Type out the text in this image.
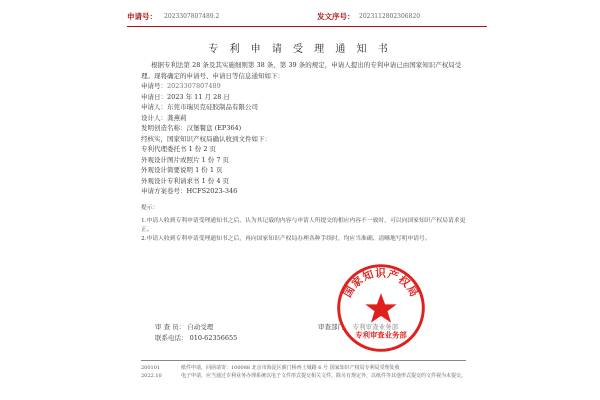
申请号： 2023307807489.2	发文序号： 2023112802306820
专 利 申 请 受 理 通 知 书
根据专利法第 28 条及其实施细则第 38 条、第 39 条的规定，申请人提出的专利申请已由国家知识产权局受理。现将确定的申请号、申请日等信息通知如下：
申请号：2023307807489
申请日：2023 年 11 月 28 日
申请人：东莞市瑞贝克硅胶制品有限公司
设计人：龚燕莉
发明创造名称：汉堡餐盘 (EP364)
经核实，国家知识产权局确认收到文件如下：
专利代理委托书 1 份 2 页
外观设计图片或照片 1 份 7 页
外观设计简要说明 1 份 1 页
外观设计专利请求书 1 份 4 页
申请方案卷号：HCFS2023-346
提示：
1.申请人收到专利申请受理通知书之后，认为其记载的内容与申请人所提交的相应内容不一致时，可以向国家知识产权局请求更正。
2.申请人收到专利申请受理通知书之后，再向国家知识产权局办理各种手续时，均应当准确、清晰地写明申请号。
审 查 员： 自动受理
联系电话： 010-62356655
审查部门： 专利审查业务部
国家知识产权局
专利审查业务部
200101
2022.10
纸件申请，回函请寄：100088 北京市海淀区蓟门桥西土城路 6 号 国家知识产权局专利局受理处收
电子申请，应当通过专利业务办理系统以电子文件形式提交相关文件。除另有规定外，以纸件等其他形式提交的文件视为未提交。
